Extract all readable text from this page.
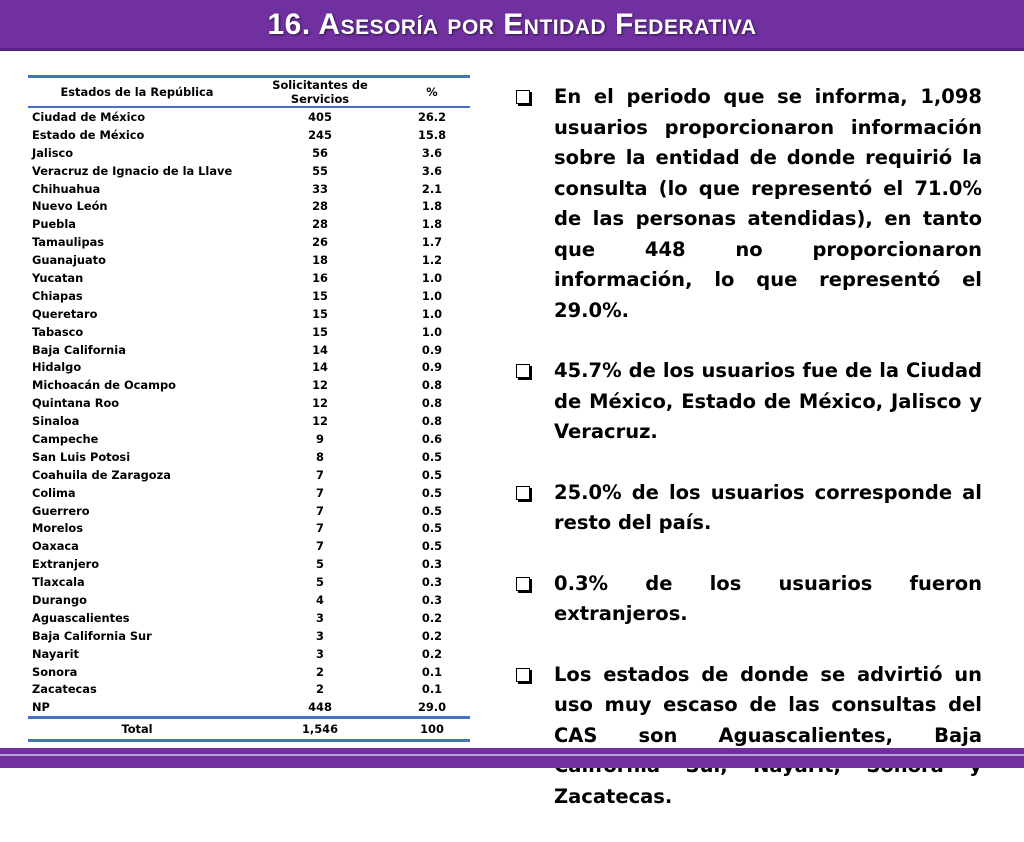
16. Asesoría por Entidad Federativa
Estados de la República	Solicitantes de Servicios	%
Ciudad de México	405	26.2
Estado de México	245	15.8
Jalisco	56	3.6
Veracruz de Ignacio de la Llave	55	3.6
Chihuahua	33	2.1
Nuevo León	28	1.8
Puebla	28	1.8
Tamaulipas	26	1.7
Guanajuato	18	1.2
Yucatan	16	1.0
Chiapas	15	1.0
Queretaro	15	1.0
Tabasco	15	1.0
Baja California	14	0.9
Hidalgo	14	0.9
Michoacán de Ocampo	12	0.8
Quintana Roo	12	0.8
Sinaloa	12	0.8
Campeche	9	0.6
San Luis Potosi	8	0.5
Coahuila de Zaragoza	7	0.5
Colima	7	0.5
Guerrero	7	0.5
Morelos	7	0.5
Oaxaca	7	0.5
Extranjero	5	0.3
Tlaxcala	5	0.3
Durango	4	0.3
Aguascalientes	3	0.2
Baja California Sur	3	0.2
Nayarit	3	0.2
Sonora	2	0.1
Zacatecas	2	0.1
NP	448	29.0
Total	1,546	100
En el periodo que se informa, 1,098 usuarios proporcionaron información sobre la entidad de donde requirió la consulta (lo que representó el 71.0% de las personas atendidas), en tanto que 448 no proporcionaron información, lo que representó el 29.0%.
45.7% de los usuarios fue de la Ciudad de México, Estado de México, Jalisco y Veracruz.
25.0% de los usuarios corresponde al resto del país.
0.3% de los usuarios fueron extranjeros.
Los estados de donde se advirtió un uso muy escaso de las consultas del CAS son Aguascalientes, Baja Zacatecas.
